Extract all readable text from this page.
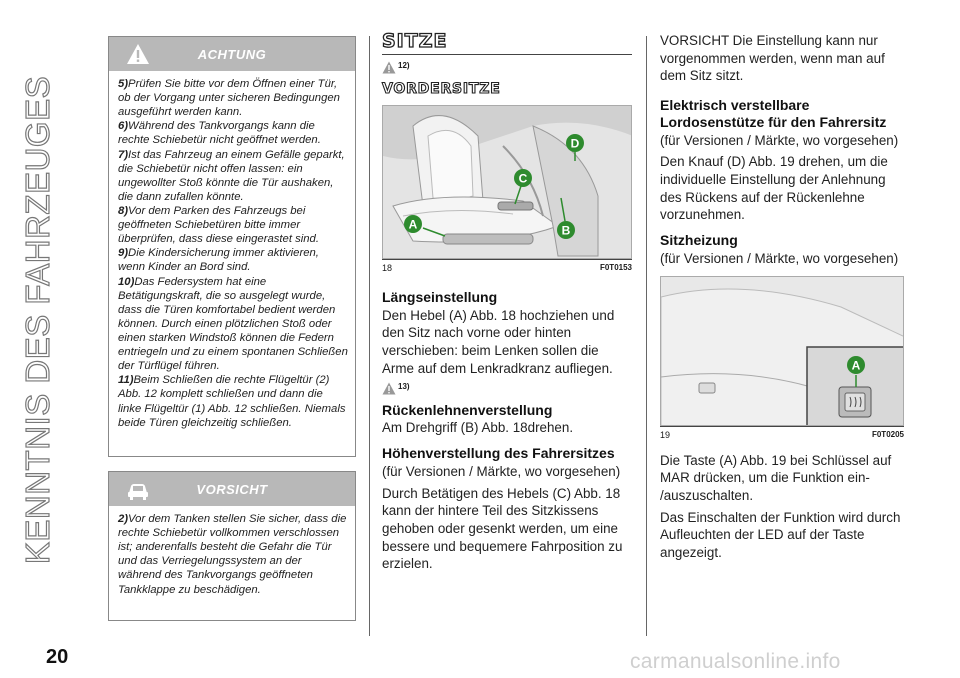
KENNTNIS DES FAHRZEUGES
ACHTUNG

5)Prüfen Sie bitte vor dem Öffnen einer Tür, ob der Vorgang unter sicheren Bedingungen ausgeführt werden kann.

6)Während des Tankvorgangs kann die rechte Schiebetür nicht geöffnet werden.

7)Ist das Fahrzeug an einem Gefälle geparkt, die Schiebetür nicht offen lassen: ein ungewollter Stoß könnte die Tür aushaken, die dann zufallen könnte.

8)Vor dem Parken des Fahrzeugs bei geöffneten Schiebetüren bitte immer überprüfen, dass diese eingerastet sind.

9)Die Kindersicherung immer aktivieren, wenn Kinder an Bord sind.

10)Das Federsystem hat eine Betätigungskraft, die so ausgelegt wurde, dass die Türen komfortabel bedient werden können. Durch einen plötzlichen Stoß oder einen starken Windstoß können die Federn entriegeln und zu einem spontanen Schließen der Türflügel führen.

11)Beim Schließen die rechte Flügeltür (2) Abb. 12 komplett schließen und dann die linke Flügeltür (1) Abb. 12 schließen. Niemals beide Türen gleichzeitig schließen.

VORSICHT

2)Vor dem Tanken stellen Sie sicher, dass die rechte Schiebetür vollkommen verschlossen ist; anderenfalls besteht die Gefahr die Tür und das Verriegelungssystem an der während des Tankvorgangs geöffneten Tankklappe zu beschädigen.

SITZE
12)
VORDERSITZE
A	B
C
D
18	F0T0153
Längseinstellung
Den Hebel (A) Abb. 18 hochziehen und den Sitz nach vorne oder hinten verschieben: beim Lenken sollen die Arme auf dem Lenkradkranz aufliegen.
13)
Rückenlehnenverstellung
Am Drehgriff (B) Abb. 18drehen.
Höhenverstellung des Fahrersitzes
(für Versionen / Märkte, wo vorgesehen)
Durch Betätigen des Hebels (C) Abb. 18 kann der hintere Teil des Sitzkissens gehoben oder gesenkt werden, um eine bessere und bequemere Fahrposition zu erzielen.
VORSICHT Die Einstellung kann nur vorgenommen werden, wenn man auf dem Sitz sitzt.
Elektrisch verstellbare Lordosenstütze für den Fahrersitz
(für Versionen / Märkte, wo vorgesehen)
Den Knauf (D) Abb. 19 drehen, um die individuelle Einstellung der Anlehnung des Rückens auf der Rückenlehne vorzunehmen.
Sitzheizung
(für Versionen / Märkte, wo vorgesehen)
A
19	F0T0205
Die Taste (A) Abb. 19 bei Schlüssel auf MAR drücken, um die Funktion ein- /auszuschalten.
Das Einschalten der Funktion wird durch Aufleuchten der LED auf der Taste angezeigt.
20	carmanualsonline.info
